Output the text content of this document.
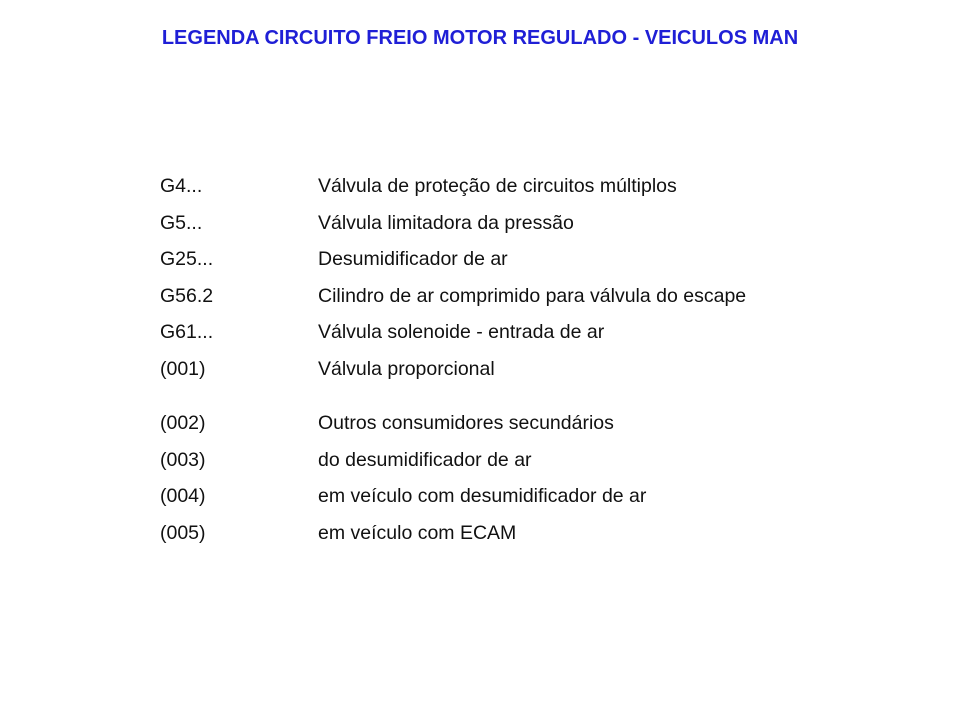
LEGENDA CIRCUITO FREIO MOTOR REGULADO - VEICULOS MAN
G4...	Válvula de proteção de circuitos múltiplos
G5...	Válvula limitadora da pressão
G25...	Desumidificador de ar
G56.2	Cilindro de ar comprimido para válvula do escape
G61...	Válvula solenoide - entrada de ar
(001)	Válvula proporcional
(002)	Outros consumidores secundários
(003)	do desumidificador de ar
(004)	em veículo com desumidificador de ar
(005)	em veículo com ECAM
